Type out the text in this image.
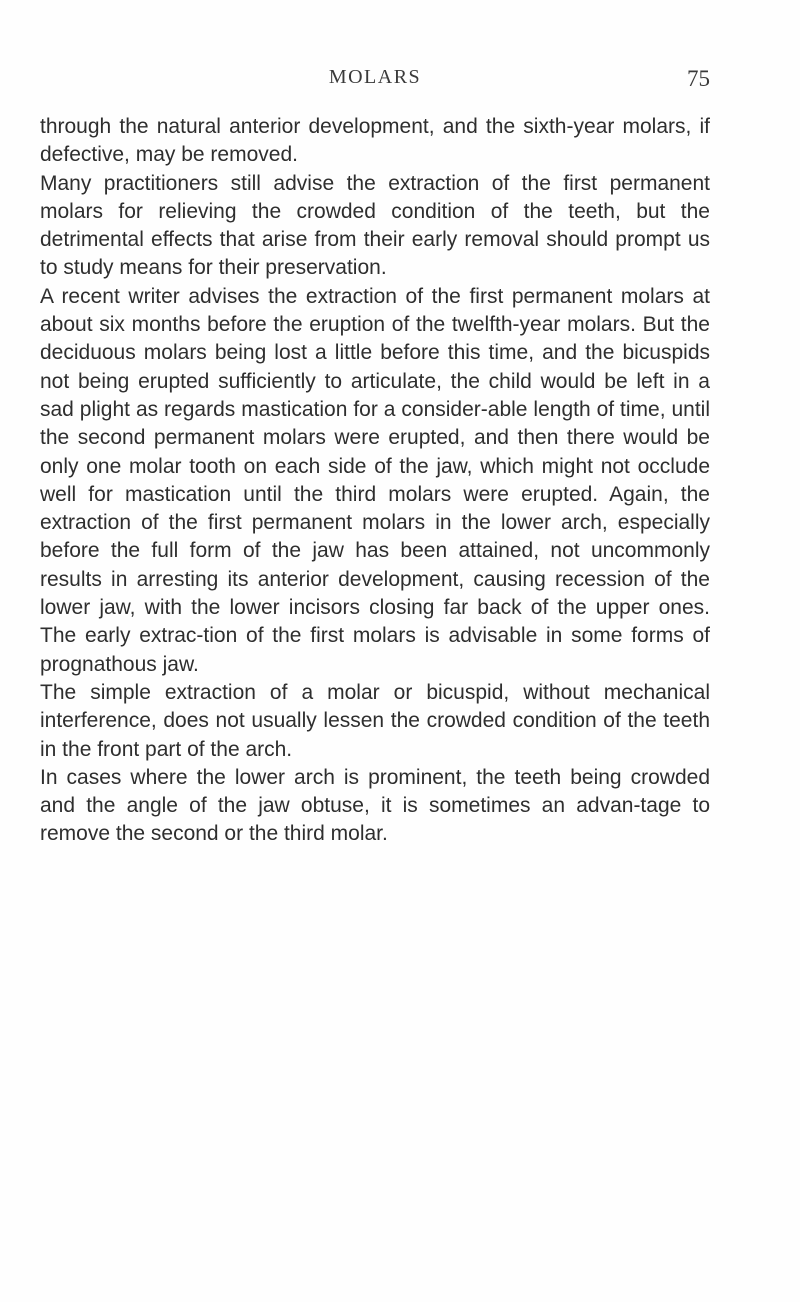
MOLARS	75

through the natural anterior development, and the sixth-year molars, if defective, may be removed.

Many practitioners still advise the extraction of the first permanent molars for relieving the crowded condition of the teeth, but the detrimental effects that arise from their early removal should prompt us to study means for their preservation.

A recent writer advises the extraction of the first permanent molars at about six months before the eruption of the twelfth-year molars. But the deciduous molars being lost a little before this time, and the bicuspids not being erupted sufficiently to articulate, the child would be left in a sad plight as regards mastication for a consider-able length of time, until the second permanent molars were erupted, and then there would be only one molar tooth on each side of the jaw, which might not occlude well for mastication until the third molars were erupted. Again, the extraction of the first permanent molars in the lower arch, especially before the full form of the jaw has been attained, not uncommonly results in arresting its anterior development, causing recession of the lower jaw, with the lower incisors closing far back of the upper ones. The early extrac-tion of the first molars is advisable in some forms of prognathous jaw.

The simple extraction of a molar or bicuspid, without mechanical interference, does not usually lessen the crowded condition of the teeth in the front part of the arch.

In cases where the lower arch is prominent, the teeth being crowded and the angle of the jaw obtuse, it is sometimes an advan-tage to remove the second or the third molar.
